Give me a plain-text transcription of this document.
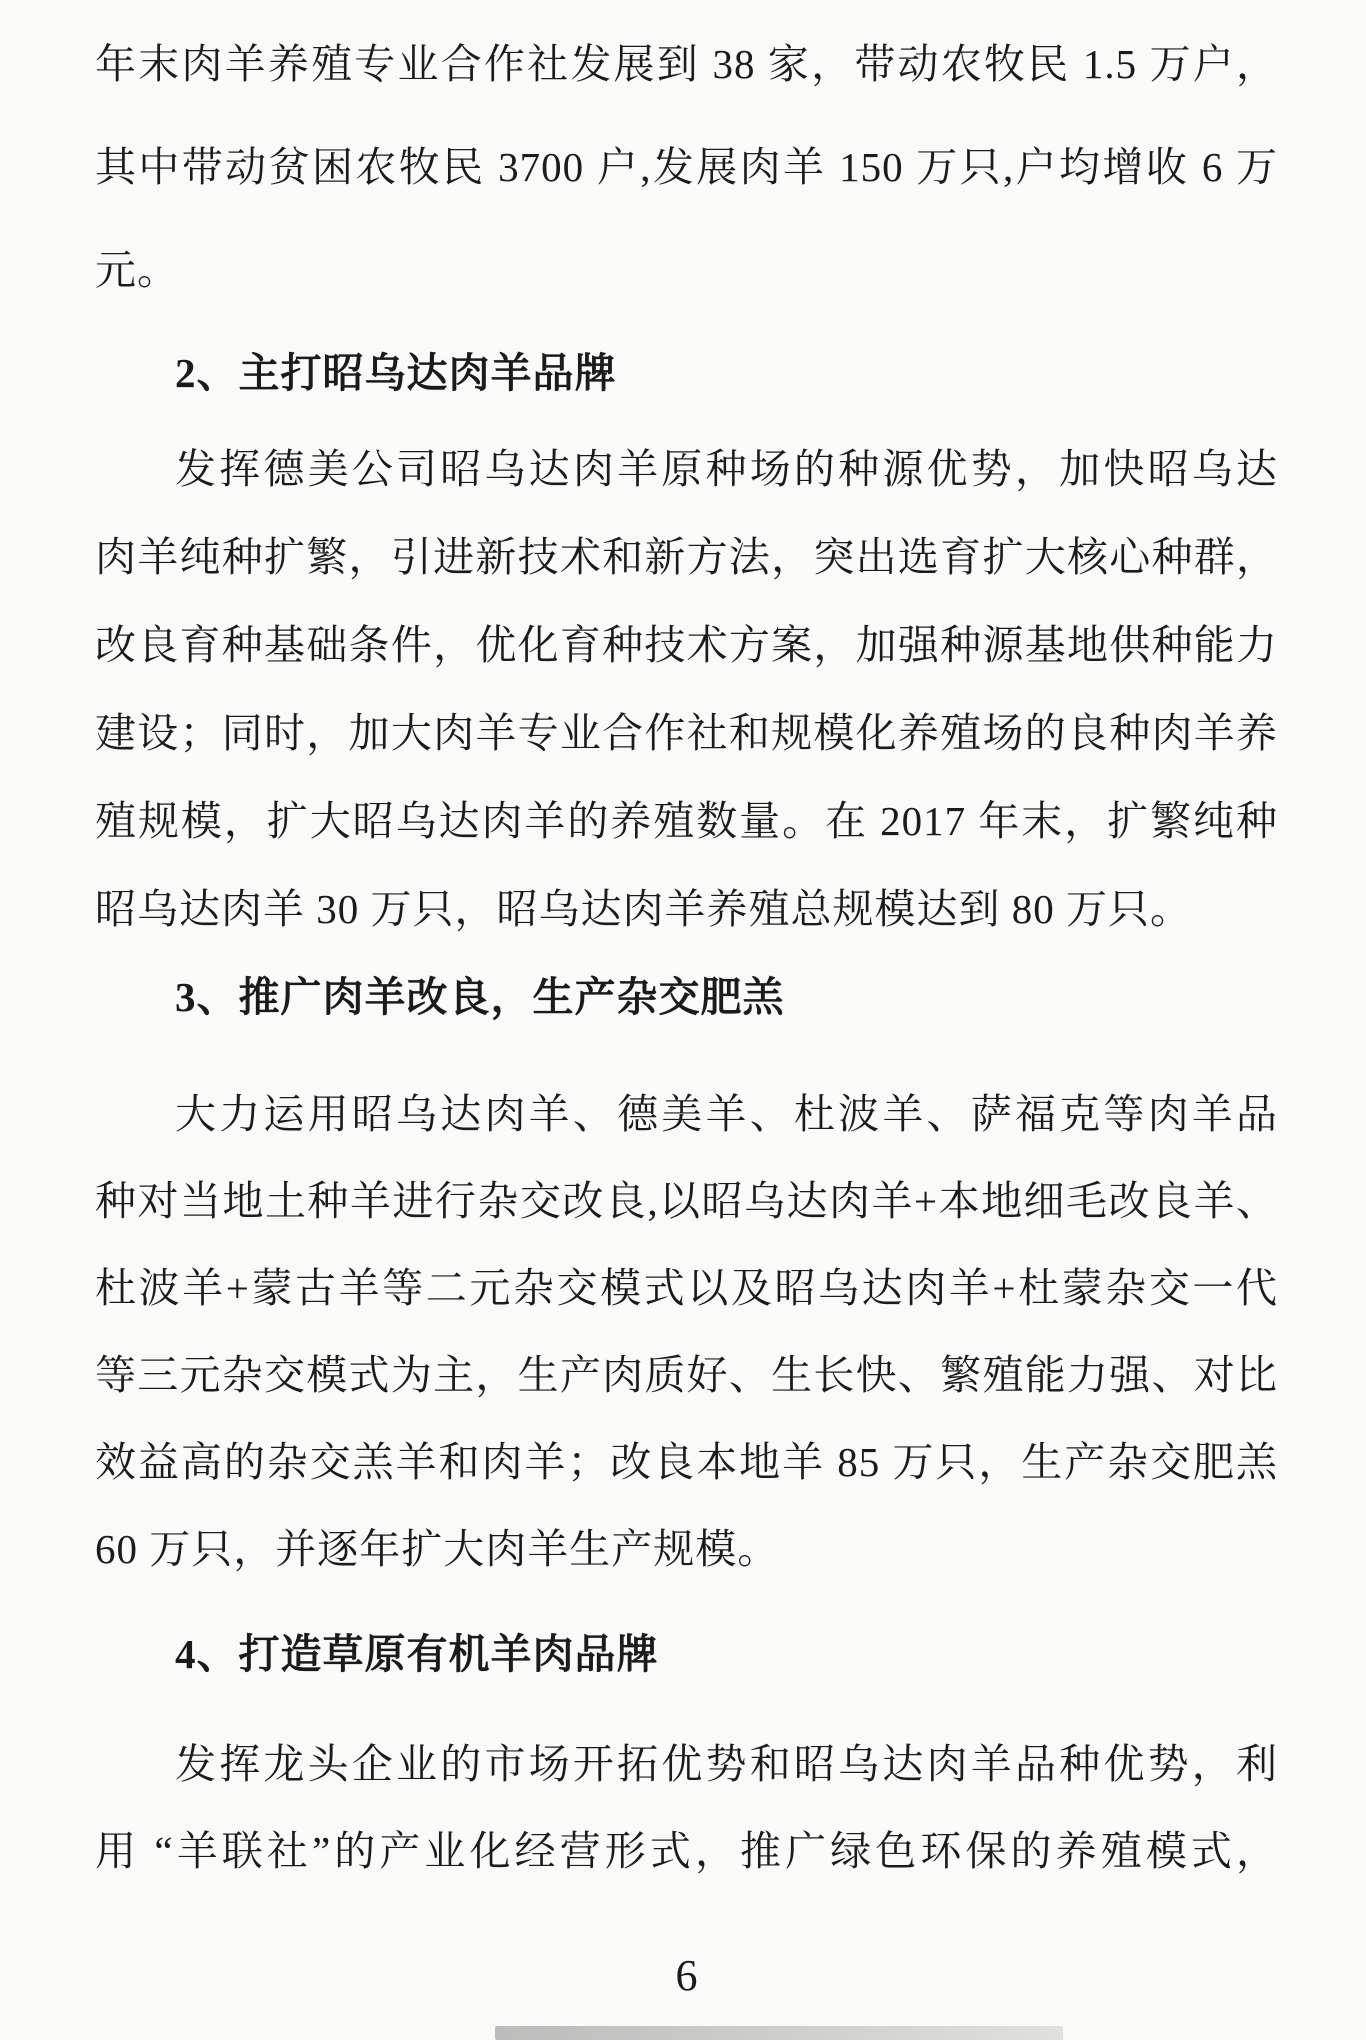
年末肉羊养殖专业合作社发展到 38 家，带动农牧民 1.5 万户，
其中带动贫困农牧民 3700 户,发展肉羊 150 万只,户均增收 6 万
元。
2、主打昭乌达肉羊品牌
发挥德美公司昭乌达肉羊原种场的种源优势，加快昭乌达
肉羊纯种扩繁，引进新技术和新方法，突出选育扩大核心种群，
改良育种基础条件，优化育种技术方案，加强种源基地供种能力
建设；同时，加大肉羊专业合作社和规模化养殖场的良种肉羊养
殖规模，扩大昭乌达肉羊的养殖数量。在 2017 年末，扩繁纯种
昭乌达肉羊 30 万只，昭乌达肉羊养殖总规模达到 80 万只。
3、推广肉羊改良，生产杂交肥羔
大力运用昭乌达肉羊、德美羊、杜波羊、萨福克等肉羊品
种对当地土种羊进行杂交改良,以昭乌达肉羊+本地细毛改良羊、
杜波羊+蒙古羊等二元杂交模式以及昭乌达肉羊+杜蒙杂交一代
等三元杂交模式为主，生产肉质好、生长快、繁殖能力强、对比
效益高的杂交羔羊和肉羊；改良本地羊 85 万只，生产杂交肥羔
60 万只，并逐年扩大肉羊生产规模。
4、打造草原有机羊肉品牌
发挥龙头企业的市场开拓优势和昭乌达肉羊品种优势，利
用 “羊联社”的产业化经营形式，推广绿色环保的养殖模式，
6
